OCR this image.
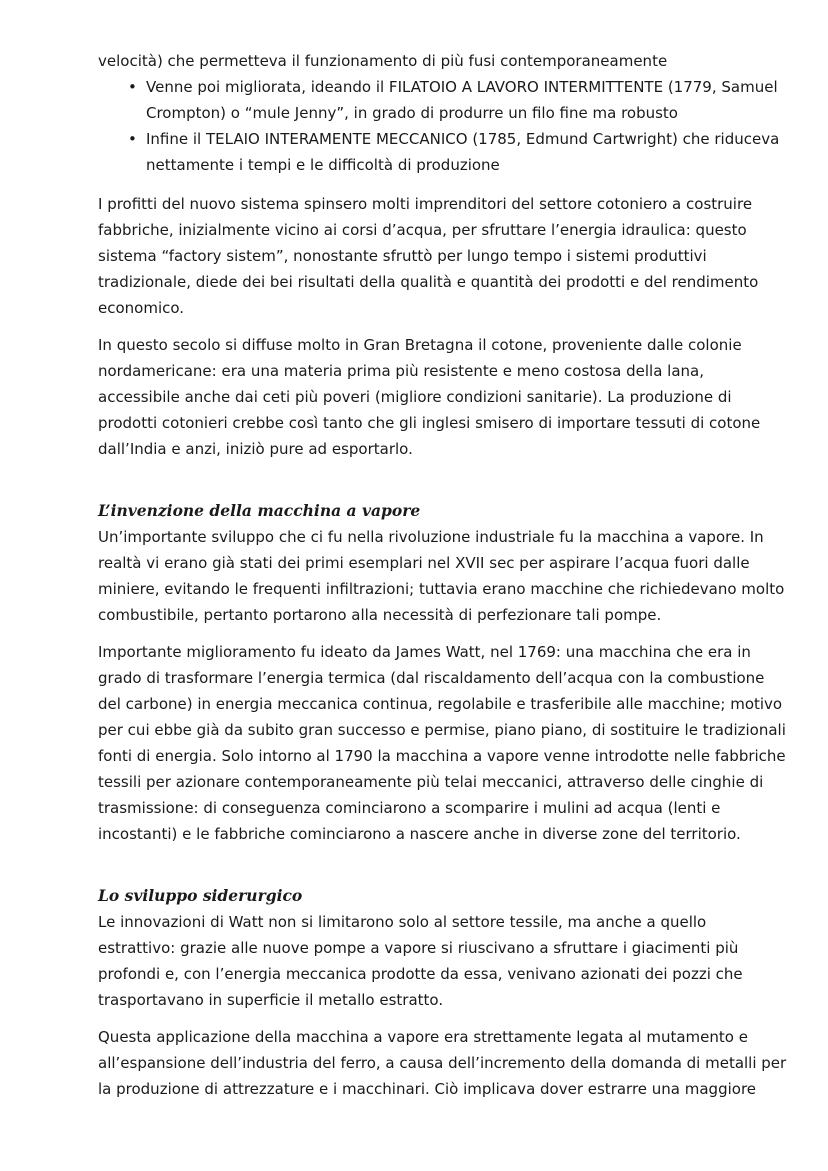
velocità) che permetteva il funzionamento di più fusi contemporaneamente

• Venne poi migliorata, ideando il FILATOIO A LAVORO INTERMITTENTE (1779, Samuel Crompton) o “mule Jenny”, in grado di produrre un filo fine ma robusto

• Infine il TELAIO INTERAMENTE MECCANICO (1785, Edmund Cartwright) che riduceva nettamente i tempi e le difficoltà di produzione

I profitti del nuovo sistema spinsero molti imprenditori del settore cotoniero a costruire fabbriche, inizialmente vicino ai corsi d’acqua, per sfruttare l’energia idraulica: questo sistema “factory sistem”, nonostante sfruttò per lungo tempo i sistemi produttivi tradizionale, diede dei bei risultati della qualità e quantità dei prodotti e del rendimento economico.

In questo secolo si diffuse molto in Gran Bretagna il cotone, proveniente dalle colonie nordamericane: era una materia prima più resistente e meno costosa della lana, accessibile anche dai ceti più poveri (migliore condizioni sanitarie). La produzione di prodotti cotonieri crebbe così tanto che gli inglesi smisero di importare tessuti di cotone dall’India e anzi, iniziò pure ad esportarlo.

L’invenzione della macchina a vapore

Un’importante sviluppo che ci fu nella rivoluzione industriale fu la macchina a vapore. In realtà vi erano già stati dei primi esemplari nel XVII sec per aspirare l’acqua fuori dalle miniere, evitando le frequenti infiltrazioni; tuttavia erano macchine che richiedevano molto combustibile, pertanto portarono alla necessità di perfezionare tali pompe.

Importante miglioramento fu ideato da James Watt, nel 1769: una macchina che era in grado di trasformare l’energia termica (dal riscaldamento dell’acqua con la combustione del carbone) in energia meccanica continua, regolabile e trasferibile alle macchine; motivo per cui ebbe già da subito gran successo e permise, piano piano, di sostituire le tradizionali fonti di energia. Solo intorno al 1790 la macchina a vapore venne introdotte nelle fabbriche tessili per azionare contemporaneamente più telai meccanici, attraverso delle cinghie di trasmissione: di conseguenza cominciarono a scomparire i mulini ad acqua (lenti e incostanti) e le fabbriche cominciarono a nascere anche in diverse zone del territorio.

Lo sviluppo siderurgico

Le innovazioni di Watt non si limitarono solo al settore tessile, ma anche a quello estrattivo: grazie alle nuove pompe a vapore si riuscivano a sfruttare i giacimenti più profondi e, con l’energia meccanica prodotte da essa, venivano azionati dei pozzi che trasportavano in superficie il metallo estratto.

Questa applicazione della macchina a vapore era strettamente legata al mutamento e all’espansione dell’industria del ferro, a causa dell’incremento della domanda di metalli per la produzione di attrezzature e i macchinari. Ciò implicava dover estrarre una maggiore
